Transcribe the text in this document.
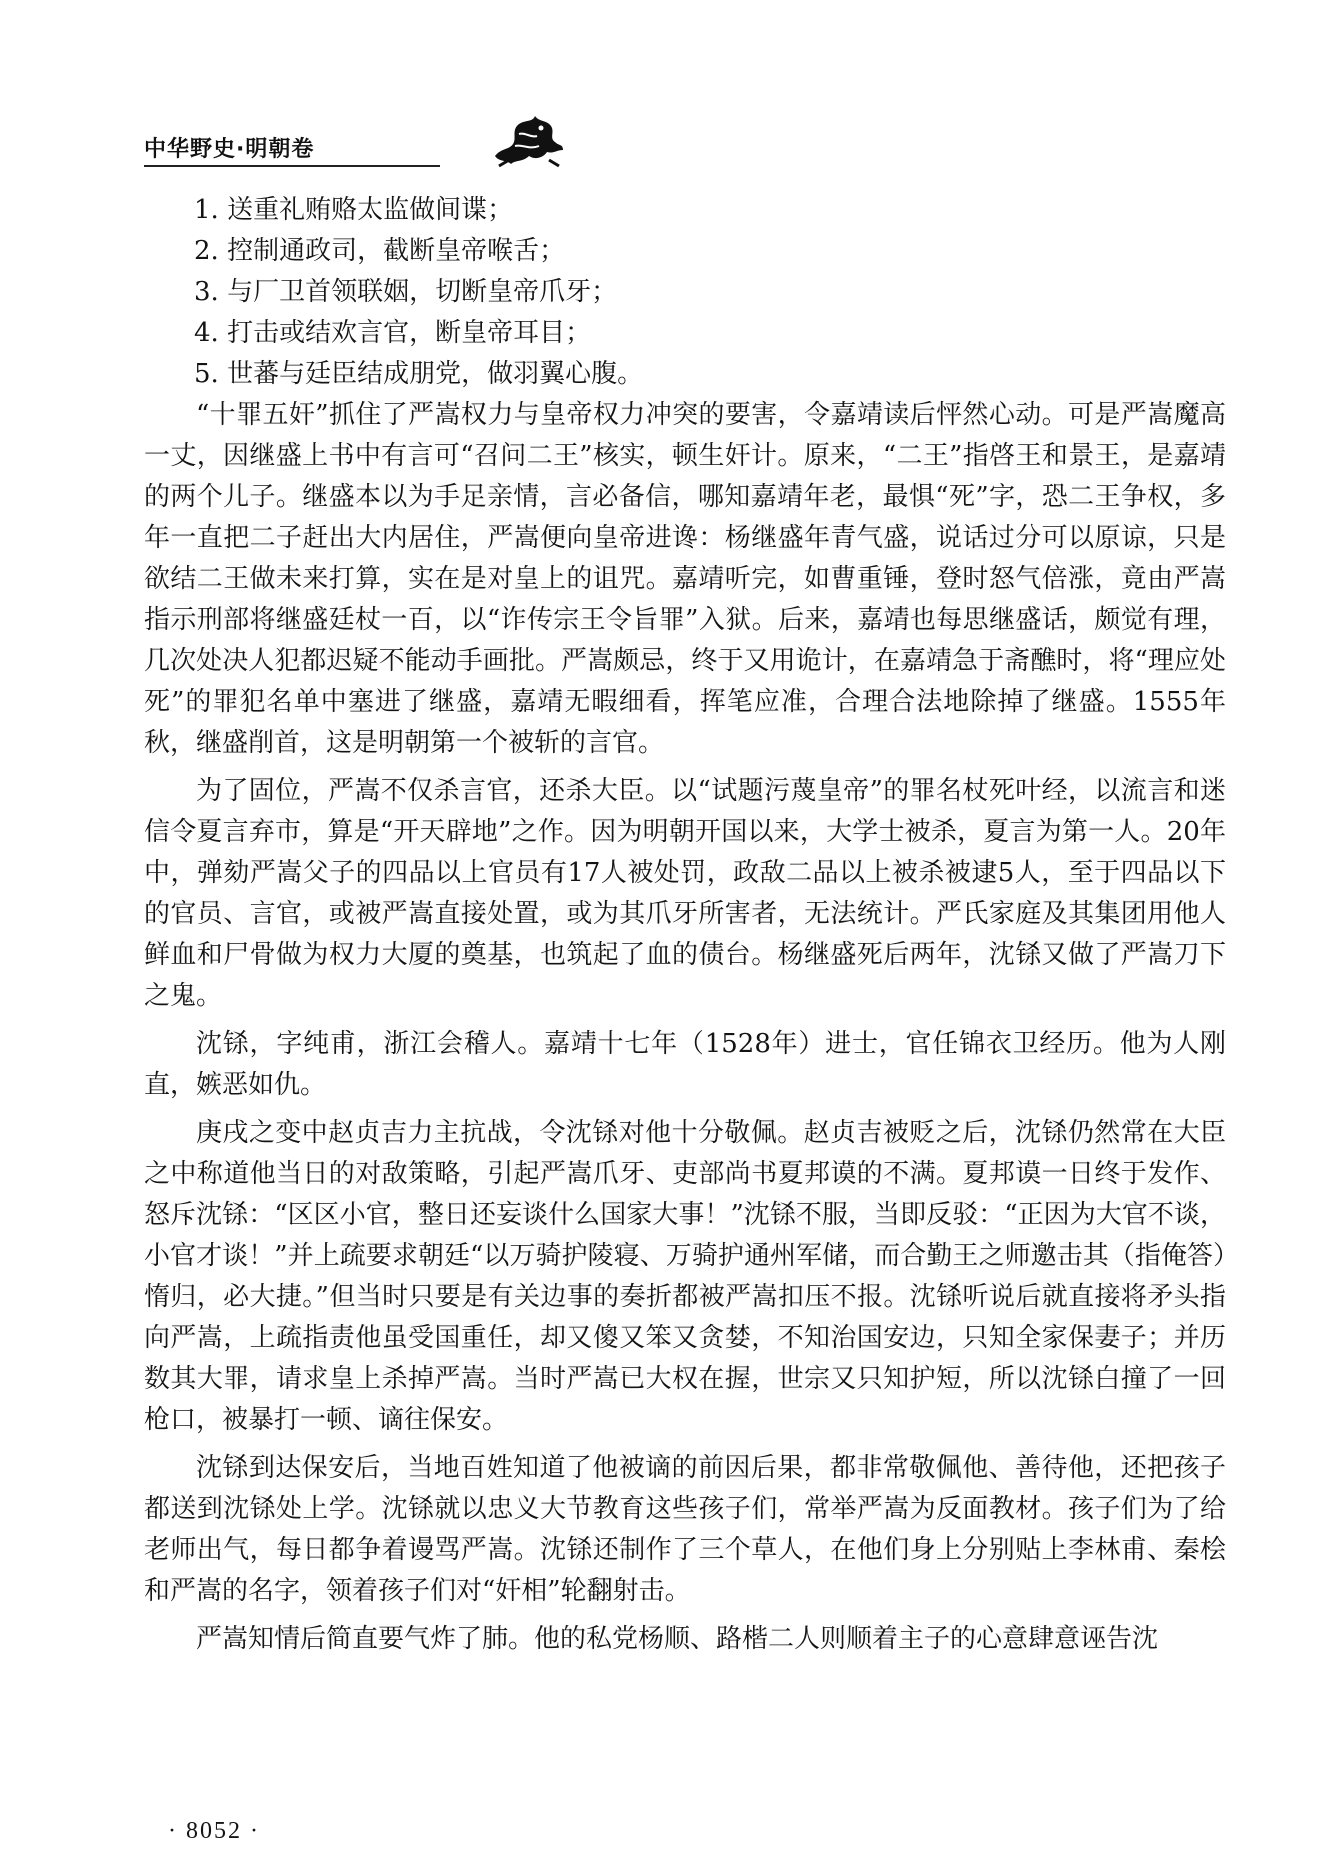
中华野史·明朝卷

1. 送重礼贿赂太监做间谍；

2. 控制通政司，截断皇帝喉舌；

3. 与厂卫首领联姻，切断皇帝爪牙；

4. 打击或结欢言官，断皇帝耳目；

5. 世蕃与廷臣结成朋党，做羽翼心腹。

“十罪五奸”抓住了严嵩权力与皇帝权力冲突的要害，令嘉靖读后怦然心动。可是严嵩魔高一丈，因继盛上书中有言可“召问二王”核实，顿生奸计。原来，“二王”指啓王和景王，是嘉靖的两个儿子。继盛本以为手足亲情，言必备信，哪知嘉靖年老，最惧“死”字，恐二王争权，多年一直把二子赶出大内居住，严嵩便向皇帝进谗：杨继盛年青气盛，说话过分可以原谅，只是欲结二王做未来打算，实在是对皇上的诅咒。嘉靖听完，如曹重锤，登时怒气倍涨，竟由严嵩指示刑部将继盛廷杖一百，以“诈传宗王令旨罪”入狱。后来，嘉靖也每思继盛话，颇觉有理，几次处决人犯都迟疑不能动手画批。严嵩颇忌，终于又用诡计，在嘉靖急于斋醮时，将“理应处死”的罪犯名单中塞进了继盛，嘉靖无暇细看，挥笔应准，合理合法地除掉了继盛。1555年秋，继盛削首，这是明朝第一个被斩的言官。

为了固位，严嵩不仅杀言官，还杀大臣。以“试题污蔑皇帝”的罪名杖死叶经，以流言和迷信令夏言弃市，算是“开天辟地”之作。因为明朝开国以来，大学士被杀，夏言为第一人。20年中，弹劾严嵩父子的四品以上官员有17人被处罚，政敌二品以上被杀被逮5人，至于四品以下的官员、言官，或被严嵩直接处置，或为其爪牙所害者，无法统计。严氏家庭及其集团用他人鲜血和尸骨做为权力大厦的奠基，也筑起了血的债台。杨继盛死后两年，沈铩又做了严嵩刀下之鬼。

沈铩，字纯甫，浙江会稽人。嘉靖十七年（1528年）进士，官任锦衣卫经历。他为人刚直，嫉恶如仇。

庚戌之变中赵贞吉力主抗战，令沈铩对他十分敬佩。赵贞吉被贬之后，沈铩仍然常在大臣之中称道他当日的对敌策略，引起严嵩爪牙、吏部尚书夏邦谟的不满。夏邦谟一日终于发作、怒斥沈铩：“区区小官，整日还妄谈什么国家大事！”沈铩不服，当即反驳：“正因为大官不谈，小官才谈！”并上疏要求朝廷“以万骑护陵寝、万骑护通州军储，而合勤王之师邀击其（指俺答）惰归，必大捷。”但当时只要是有关边事的奏折都被严嵩扣压不报。沈铩听说后就直接将矛头指向严嵩，上疏指责他虽受国重任，却又傻又笨又贪婪，不知治国安边，只知全家保妻子；并历数其大罪，请求皇上杀掉严嵩。当时严嵩已大权在握，世宗又只知护短，所以沈铩白撞了一回枪口，被暴打一顿、谪往保安。

沈铩到达保安后，当地百姓知道了他被谪的前因后果，都非常敬佩他、善待他，还把孩子都送到沈铩处上学。沈铩就以忠义大节教育这些孩子们，常举严嵩为反面教材。孩子们为了给老师出气，每日都争着谩骂严嵩。沈铩还制作了三个草人，在他们身上分别贴上李林甫、秦桧和严嵩的名字，领着孩子们对“奸相”轮翻射击。

严嵩知情后简直要气炸了肺。他的私党杨顺、路楷二人则顺着主子的心意肆意诬告沈

· 8052 ·
